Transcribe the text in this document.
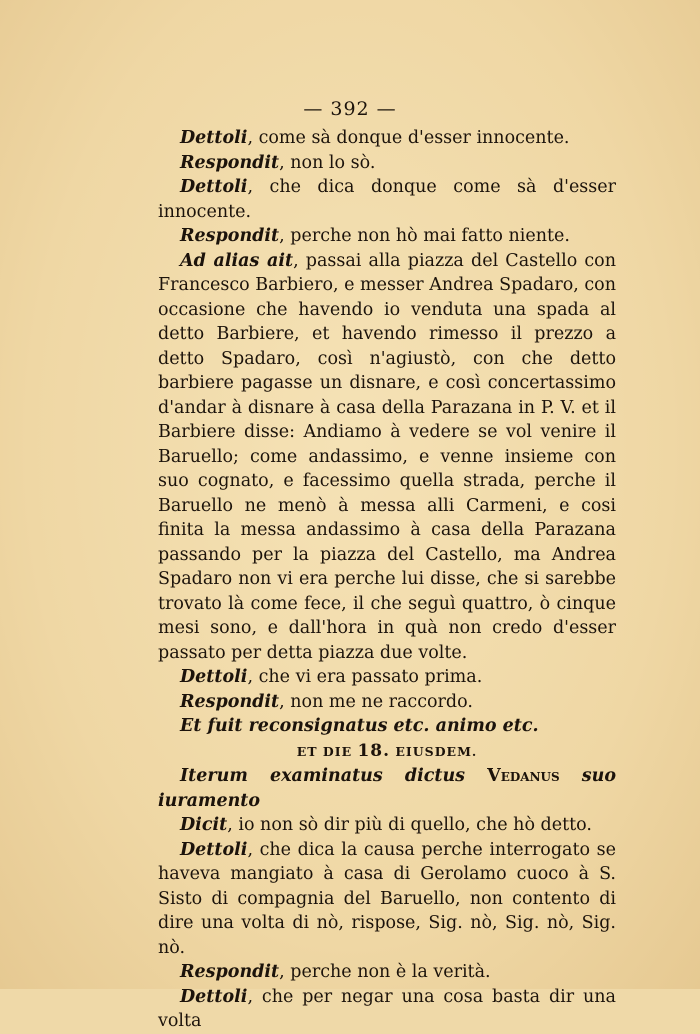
— 392 —

Dettoli, come sà donque d'esser innocente.

Respondit, non lo sò.

Dettoli, che dica donque come sà d'esser innocente.

Respondit, perche non hò mai fatto niente.

Ad alias ait, passai alla piazza del Castello con Francesco Barbiero, e messer Andrea Spadaro, con occasione che havendo io venduta una spada al detto Barbiere, et havendo rimesso il prezzo a detto Spadaro, così n'agiustò, con che detto barbiere pagasse un disnare, e così concertassimo d'andar à disnare à casa della Parazana in P. V. et il Barbiere disse: Andiamo à vedere se vol venire il Baruello; come andassimo, e venne insieme con suo cognato, e facessimo quella strada, perche il Baruello ne menò à messa alli Carmeni, e cosi finita la messa andassimo à casa della Parazana passando per la piazza del Castello, ma Andrea Spadaro non vi era perche lui disse, che si sarebbe trovato là come fece, il che seguì quattro, ò cinque mesi sono, e dall'hora in quà non credo d'esser passato per detta piazza due volte.

Dettoli, che vi era passato prima.

Respondit, non me ne raccordo.

Et fuit reconsignatus etc. animo etc.

ET DIE 18. EIUSDEM.

Iterum examinatus dictus Vedanus suo iuramento

Dicit, io non sò dir più di quello, che hò detto.

Dettoli, che dica la causa perche interrogato se haveva mangiato à casa di Gerolamo cuoco à S. Sisto di compagnia del Baruello, non contento di dire una volta di nò, rispose, Sig. nò, Sig. nò, Sig. nò.

Respondit, perche non è la verità.

Dettoli, che per negar una cosa basta dir una volta
